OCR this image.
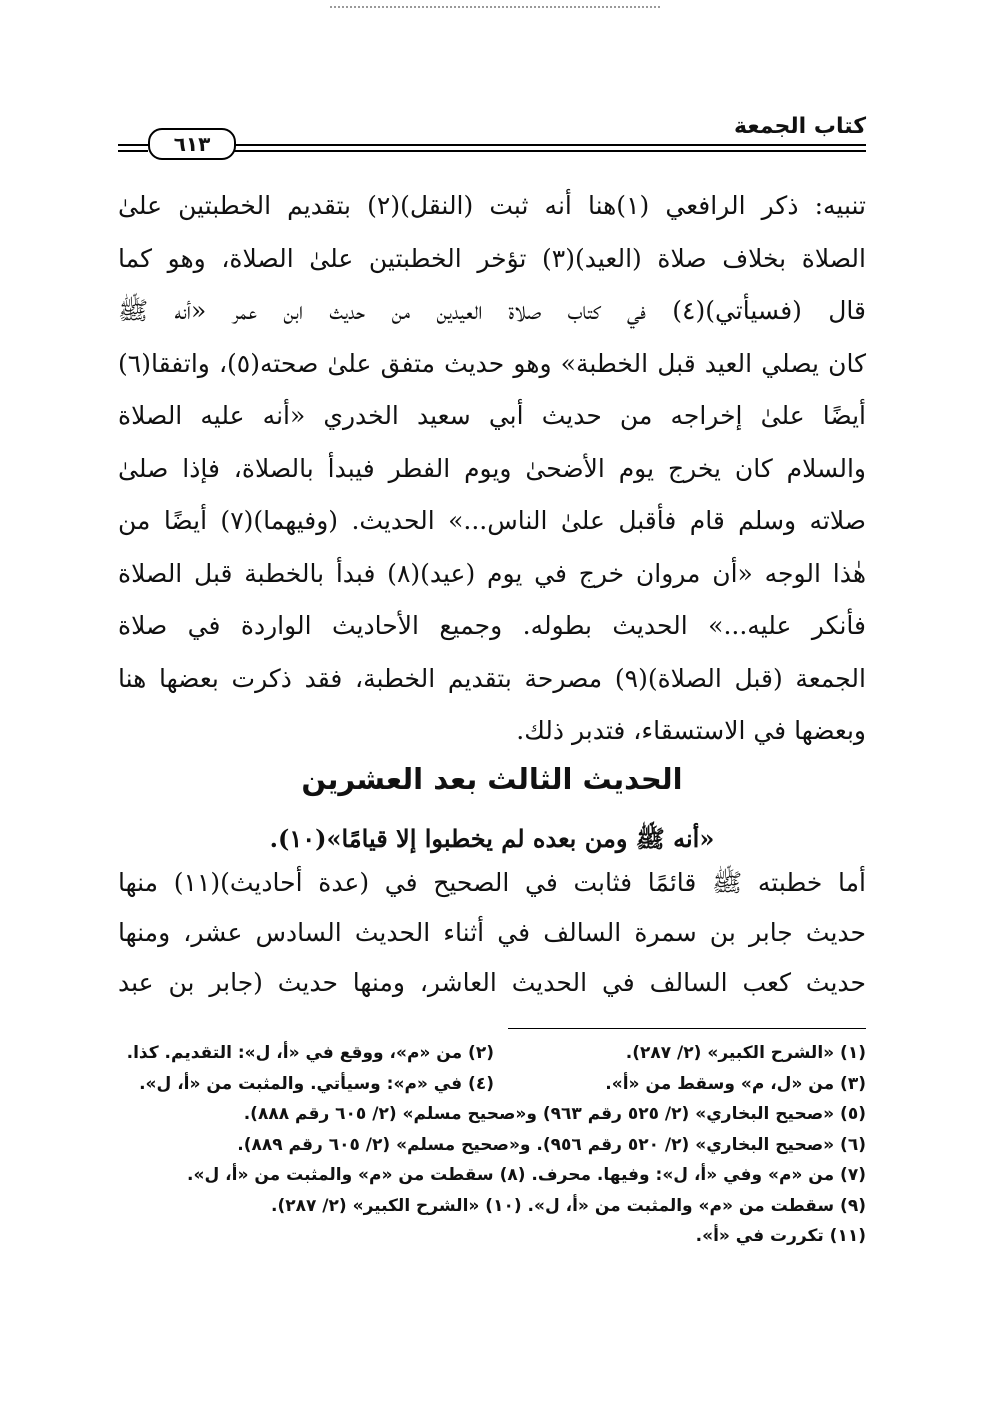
كتاب الجمعة
٦١٣

تنبيه: ذكر الرافعي (١)هنا أنه ثبت (النقل)(٢) بتقديم الخطبتين علىٰ

الصلاة بخلاف صلاة (العيد)(٣) تؤخر الخطبتين علىٰ الصلاة، وهو كما

قال (فسيأتي)(٤) في كتاب صلاة العيدين من حديث ابن عمر «أنه ﷺ

كان يصلي العيد قبل الخطبة» وهو حديث متفق علىٰ صحته(٥)، واتفقا(٦)

أيضًا علىٰ إخراجه من حديث أبي سعيد الخدري «أنه عليه الصلاة

والسلام كان يخرج يوم الأضحىٰ ويوم الفطر فيبدأ بالصلاة، فإذا صلىٰ

صلاته وسلم قام فأقبل علىٰ الناس...» الحديث. (وفيهما)(٧) أيضًا من

هٰذا الوجه «أن مروان خرج في يوم (عيد)(٨) فبدأ بالخطبة قبل الصلاة

فأنكر عليه...» الحديث بطوله. وجميع الأحاديث الواردة في صلاة

الجمعة (قبل الصلاة)(٩) مصرحة بتقديم الخطبة، فقد ذكرت بعضها هنا

وبعضها في الاستسقاء، فتدبر ذلك.

الحديث الثالث بعد العشرين
«أنه ﷺ ومن بعده لم يخطبوا إلا قيامًا»(١٠).

أما خطبته ﷺ قائمًا فثابت في الصحيح في (عدة أحاديث)(١١) منها

حديث جابر بن سمرة السالف في أثناء الحديث السادس عشر، ومنها

حديث كعب السالف في الحديث العاشر، ومنها حديث (جابر بن عبد

(١) «الشرح الكبير» (٢/ ٢٨٧).
(٢) من «م»، ووقع في «أ، ل»: التقديم. كذا.
(٣) من «ل، م» وسقط من «أ».
(٤) في «م»: وسيأتي. والمثبت من «أ، ل».
(٥) «صحيح البخاري» (٢/ ٥٢٥ رقم ٩٦٣) و«صحيح مسلم» (٢/ ٦٠٥ رقم ٨٨٨).
(٦) «صحيح البخاري» (٢/ ٥٢٠ رقم ٩٥٦). و«صحيح مسلم» (٢/ ٦٠٥ رقم ٨٨٩).
(٧) من «م» وفي «أ، ل»: وفيها. محرف. (٨) سقطت من «م» والمثبت من «أ، ل».
(٩) سقطت من «م» والمثبت من «أ، ل». (١٠) «الشرح الكبير» (٢/ ٢٨٧).
(١١) تكررت في «أ».
